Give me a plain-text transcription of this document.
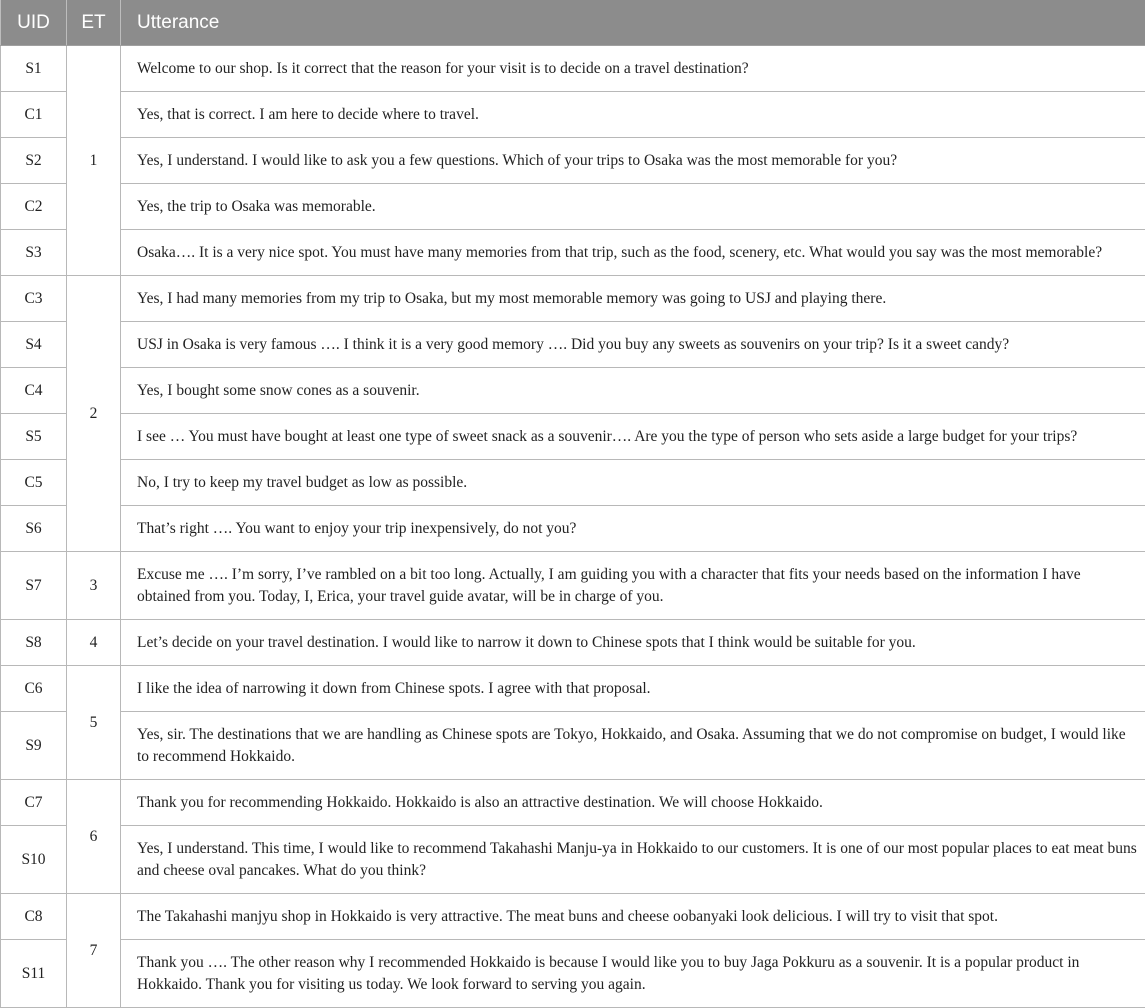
UID	ET	Utterance
S1	1	Welcome to our shop. Is it correct that the reason for your visit is to decide on a travel destination?
C1		Yes, that is correct. I am here to decide where to travel.
S2		Yes, I understand. I would like to ask you a few questions. Which of your trips to Osaka was the most memorable for you?
C2		Yes, the trip to Osaka was memorable.
S3		Osaka…. It is a very nice spot. You must have many memories from that trip, such as the food, scenery, etc. What would you say was the most memorable?
C3	2	Yes, I had many memories from my trip to Osaka, but my most memorable memory was going to USJ and playing there.
S4		USJ in Osaka is very famous …. I think it is a very good memory …. Did you buy any sweets as souvenirs on your trip? Is it a sweet candy?
C4		Yes, I bought some snow cones as a souvenir.
S5		I see … You must have bought at least one type of sweet snack as a souvenir…. Are you the type of person who sets aside a large budget for your trips?
C5		No, I try to keep my travel budget as low as possible.
S6		That’s right …. You want to enjoy your trip inexpensively, do not you?
S7	3	Excuse me …. I’m sorry, I’ve rambled on a bit too long. Actually, I am guiding you with a character that fits your needs based on the information I have obtained from you. Today, I, Erica, your travel guide avatar, will be in charge of you.
S8	4	Let’s decide on your travel destination. I would like to narrow it down to Chinese spots that I think would be suitable for you.
C6	5	I like the idea of narrowing it down from Chinese spots. I agree with that proposal.
S9		Yes, sir. The destinations that we are handling as Chinese spots are Tokyo, Hokkaido, and Osaka. Assuming that we do not compromise on budget, I would like to recommend Hokkaido.
C7	6	Thank you for recommending Hokkaido. Hokkaido is also an attractive destination. We will choose Hokkaido.
S10		Yes, I understand. This time, I would like to recommend Takahashi Manju-ya in Hokkaido to our customers. It is one of our most popular places to eat meat buns and cheese oval pancakes. What do you think?
C8	7	The Takahashi manjyu shop in Hokkaido is very attractive. The meat buns and cheese oobanyaki look delicious. I will try to visit that spot.
S11		Thank you …. The other reason why I recommended Hokkaido is because I would like you to buy Jaga Pokkuru as a souvenir. It is a popular product in Hokkaido. Thank you for visiting us today. We look forward to serving you again.
